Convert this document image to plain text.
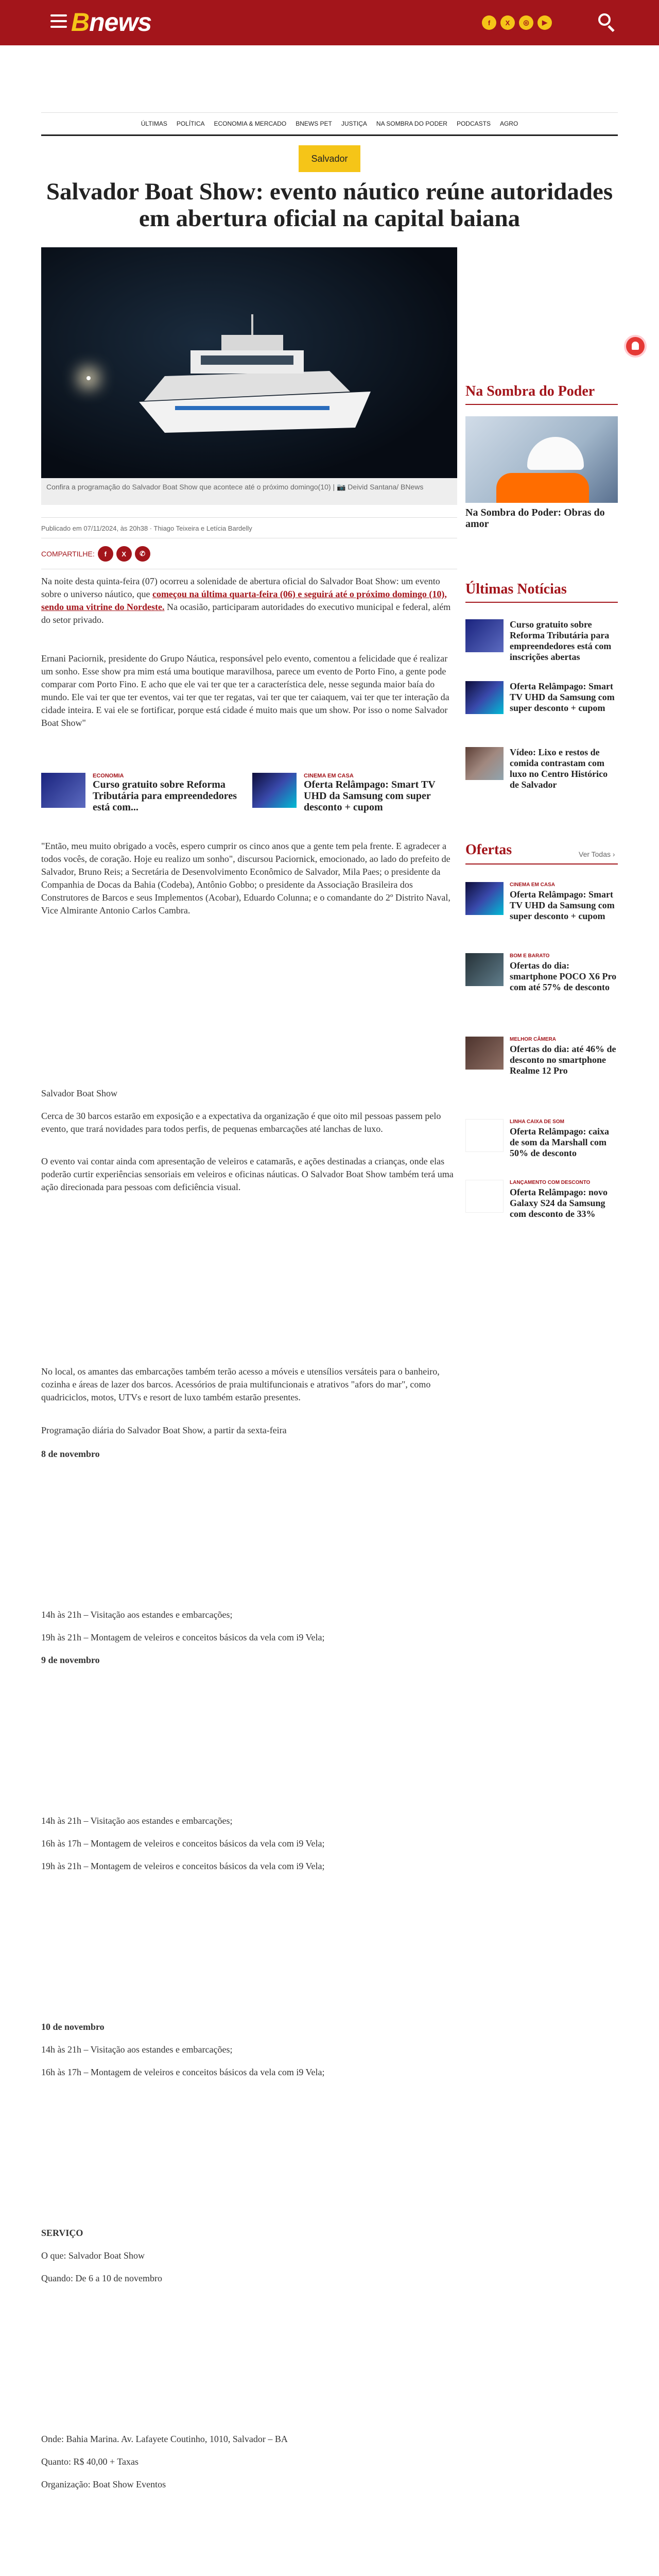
Bnews	f	X	◎	▶
ÚLTIMAS POLÍTICA ECONOMIA & MERCADO BNEWS PET JUSTIÇA NA SOMBRA DO PODER PODCASTS AGRO
Salvador
Salvador Boat Show: evento náutico reúne autoridades em abertura oficial na capital baiana
Confira a programação do Salvador Boat Show que acontece até o próximo domingo(10) | 📷 Deivid Santana/ BNews
Publicado em 07/11/2024, às 20h38 · Thiago Teixeira e Letícia Bardelly
COMPARTILHE:	f	X	✆

Na noite desta quinta-feira (07) ocorreu a solenidade de abertura oficial do Salvador Boat Show: um evento sobre o universo náutico, que começou na última quarta-feira (06) e seguirá até o próximo domingo (10), sendo uma vitrine do Nordeste. Na ocasião, participaram autoridades do executivo municipal e federal, além do setor privado.

Ernani Paciornik, presidente do Grupo Náutica, responsável pelo evento, comentou a felicidade que é realizar um sonho. Esse show pra mim está uma boutique maravilhosa, parece um evento de Porto Fino, a gente pode comparar com Porto Fino. E acho que ele vai ter que ter a característica dele, nesse segunda maior baía do mundo. Ele vai ter que ter eventos, vai ter que ter regatas, vai ter que ter caiaquem, vai ter que ter interação da cidade inteira. E vai ele se fortificar, porque está cidade é muito mais que um show. Por isso o nome Salvador Boat Show"

ECONOMIA
Curso gratuito sobre Reforma Tributária para empreendedores está com...
CINEMA EM CASA
Oferta Relâmpago: Smart TV UHD da Samsung com super desconto + cupom

"Então, meu muito obrigado a vocês, espero cumprir os cinco anos que a gente tem pela frente. E agradecer a todos vocês, de coração. Hoje eu realizo um sonho", discursou Paciornick, emocionado, ao lado do prefeito de Salvador, Bruno Reis; a Secretária de Desenvolvimento Econômico de Salvador, Mila Paes; o presidente da Companhia de Docas da Bahia (Codeba), Antônio Gobbo; o presidente da Associação Brasileira dos Construtores de Barcos e seus Implementos (Acobar), Eduardo Colunna; e o comandante do 2º Distrito Naval, Vice Almirante Antonio Carlos Cambra.

Salvador Boat Show

Cerca de 30 barcos estarão em exposição e a expectativa da organização é que oito mil pessoas passem pelo evento, que trará novidades para todos perfis, de pequenas embarcações até lanchas de luxo.

O evento vai contar ainda com apresentação de veleiros e catamarãs, e ações destinadas a crianças, onde elas poderão curtir experiências sensoriais em veleiros e oficinas náuticas. O Salvador Boat Show também terá uma ação direcionada para pessoas com deficiência visual.

No local, os amantes das embarcações também terão acesso a móveis e utensílios versáteis para o banheiro, cozinha e áreas de lazer dos barcos. Acessórios de praia multifuncionais e atrativos "afors do mar", como quadriciclos, motos, UTVs e resort de luxo também estarão presentes.

Programação diária do Salvador Boat Show, a partir da sexta-feira

8 de novembro

14h às 21h – Visitação aos estandes e embarcações;

19h às 21h – Montagem de veleiros e conceitos básicos da vela com i9 Vela;

9 de novembro

14h às 21h – Visitação aos estandes e embarcações;

16h às 17h – Montagem de veleiros e conceitos básicos da vela com i9 Vela;

19h às 21h – Montagem de veleiros e conceitos básicos da vela com i9 Vela;

10 de novembro

14h às 21h – Visitação aos estandes e embarcações;

16h às 17h – Montagem de veleiros e conceitos básicos da vela com i9 Vela;

SERVIÇO

O que: Salvador Boat Show

Quando: De 6 a 10 de novembro

Onde: Bahia Marina. Av. Lafayete Coutinho, 1010, Salvador – BA

Quanto: R$ 40,00 + Taxas

Organização: Boat Show Eventos

Na Sombra do Poder
Na Sombra do Poder: Obras do amor
Últimas Notícias
Curso gratuito sobre Reforma Tributária para empreendedores está com inscrições abertas
Oferta Relâmpago: Smart TV UHD da Samsung com super desconto + cupom
Vídeo: Lixo e restos de comida contrastam com luxo no Centro Histórico de Salvador
Ofertas	Ver Todas ›
CINEMA EM CASA
Oferta Relâmpago: Smart TV UHD da Samsung com super desconto + cupom
BOM E BARATO
Ofertas do dia: smartphone POCO X6 Pro com até 57% de desconto
MELHOR CÂMERA
Ofertas do dia: até 46% de desconto no smartphone Realme 12 Pro
LINHA CAIXA DE SOM
Oferta Relâmpago: caixa de som da Marshall com 50% de desconto
LANÇAMENTO COM DESCONTO
Oferta Relâmpago: novo Galaxy S24 da Samsung com desconto de 33%
